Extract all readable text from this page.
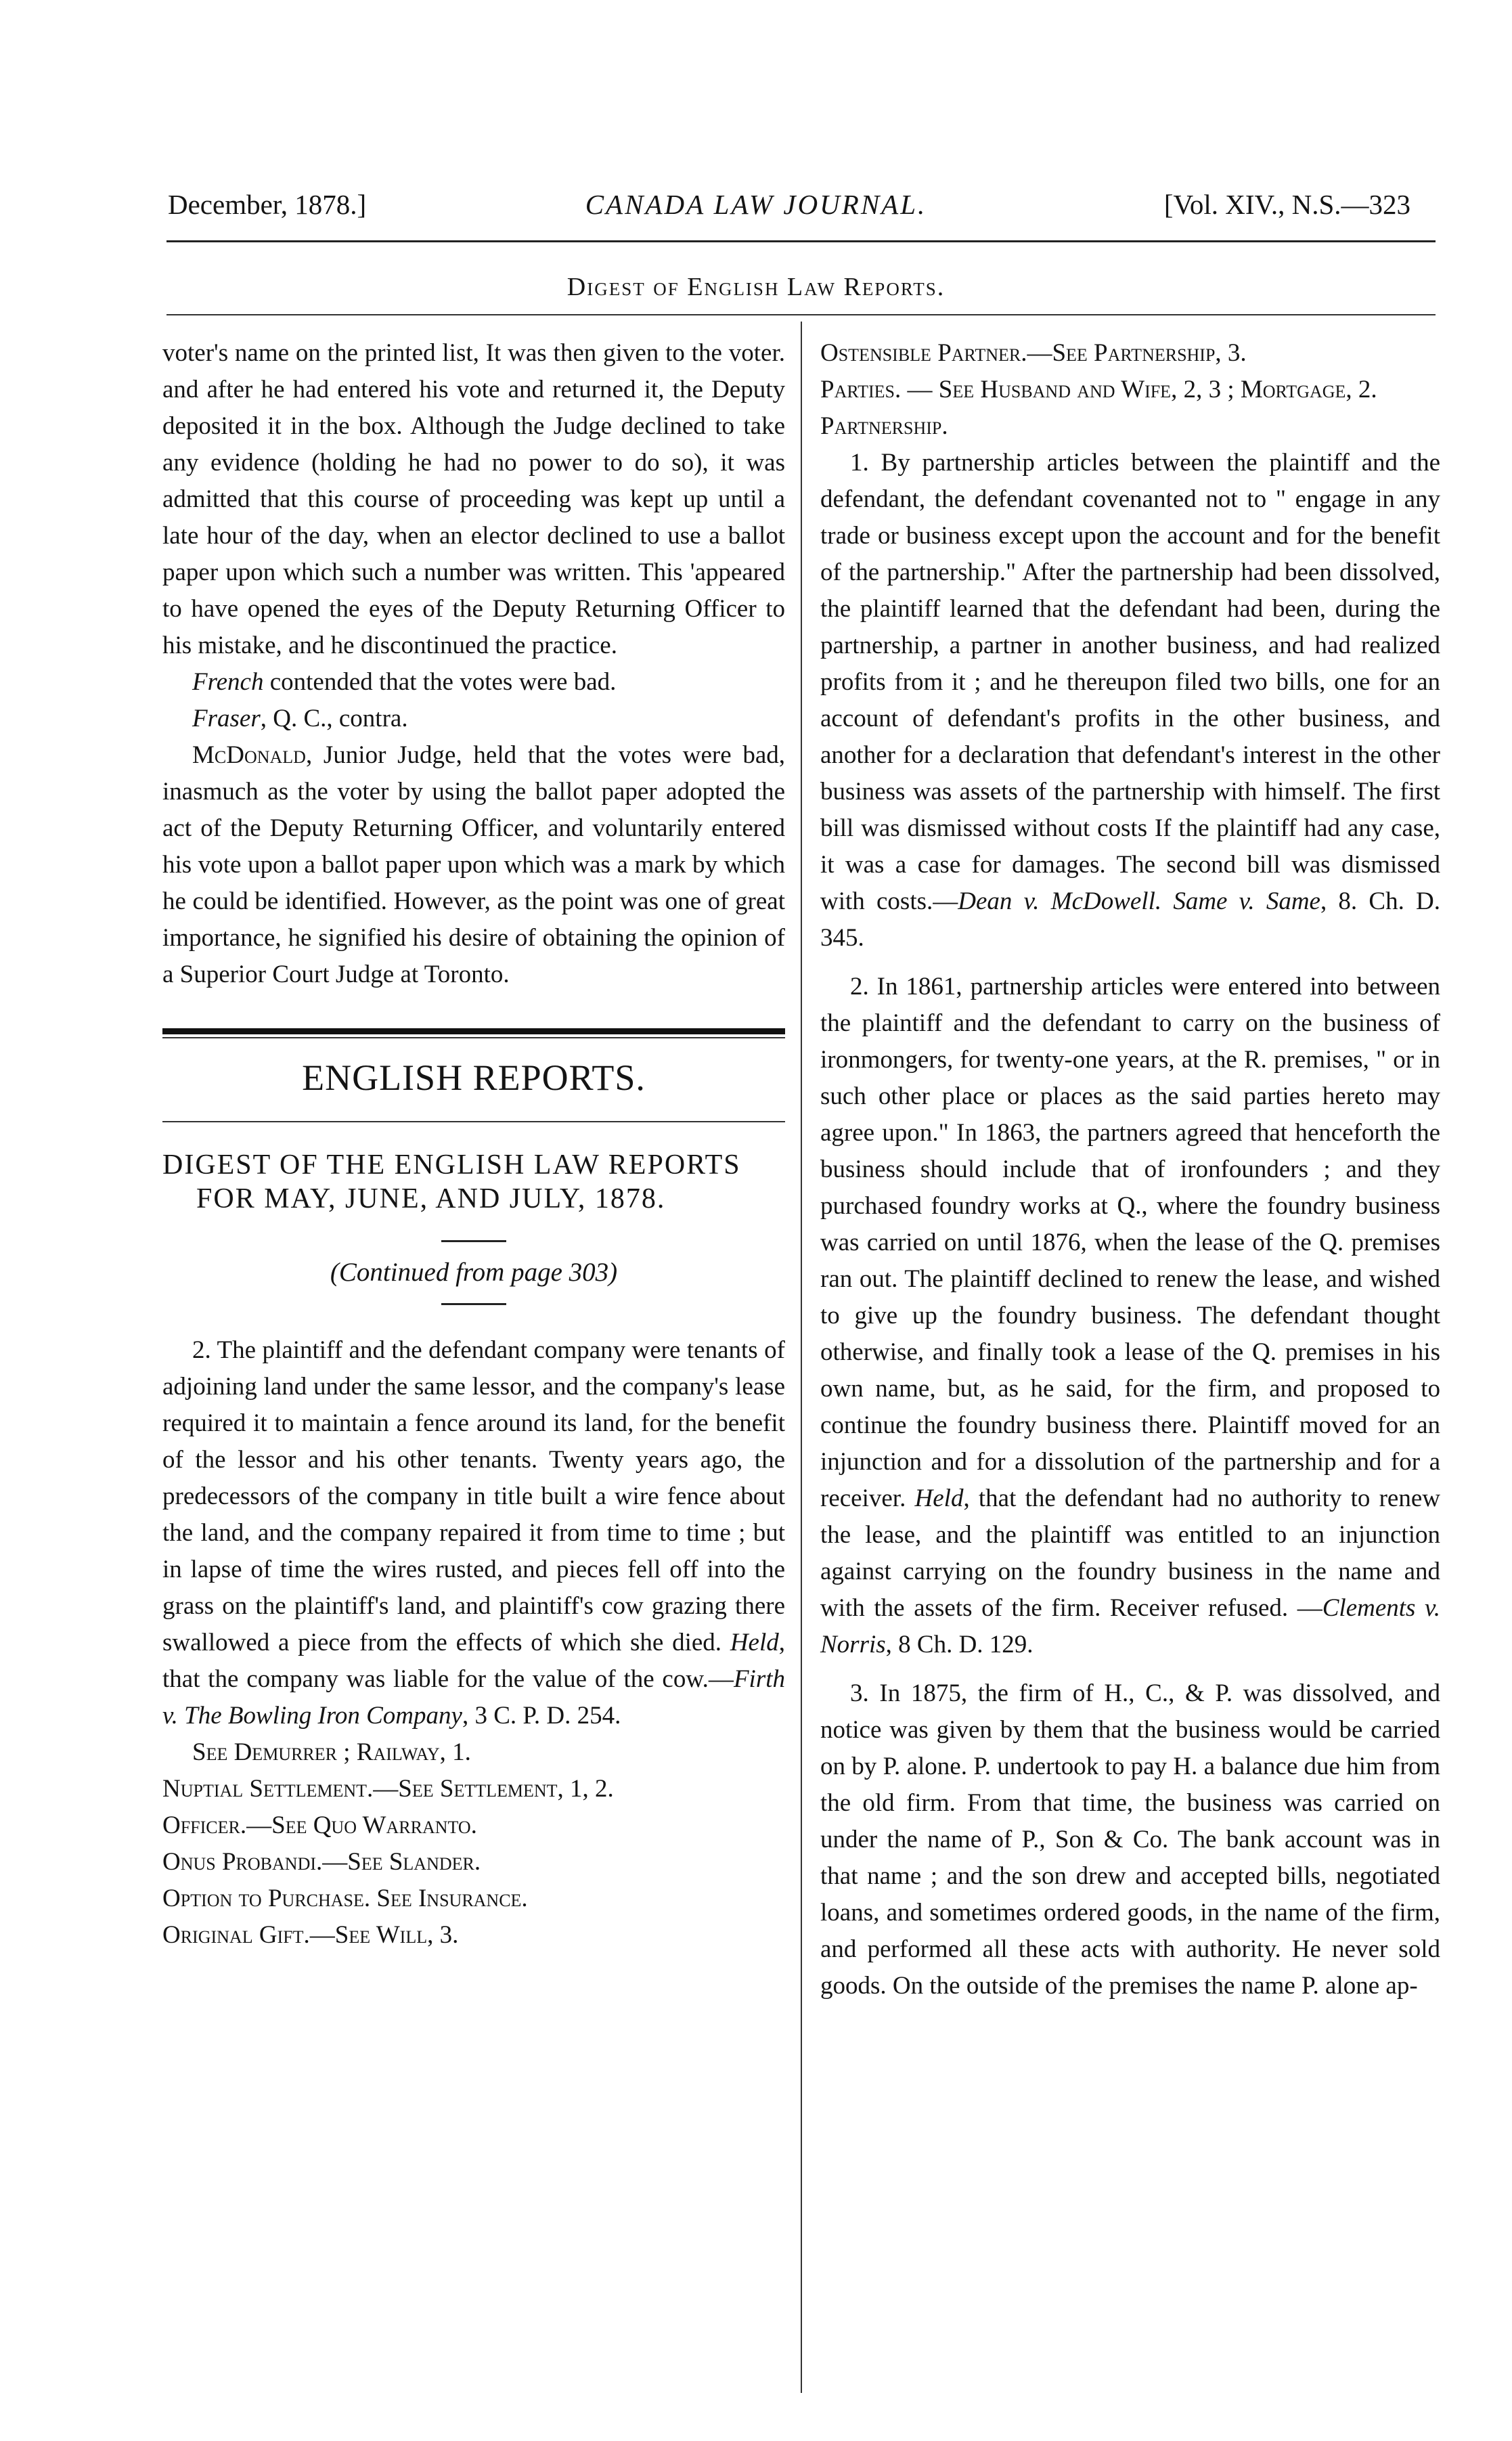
December, 1878.]	CANADA LAW JOURNAL.	[Vol. XIV., N.S.—323
Digest of English Law Reports.

voter's name on the printed list, It was then given to the voter. and after he had entered his vote and returned it, the Deputy deposited it in the box. Although the Judge declined to take any evidence (holding he had no power to do so), it was admitted that this course of proceeding was kept up until a late hour of the day, when an elector declined to use a ballot paper upon which such a number was written. This 'appeared to have opened the eyes of the Deputy Returning Officer to his mistake, and he discontinued the practice.

French contended that the votes were bad.

Fraser, Q. C., contra.

McDonald, Junior Judge, held that the votes were bad, inasmuch as the voter by using the ballot paper adopted the act of the Deputy Returning Officer, and voluntarily entered his vote upon a ballot paper upon which was a mark by which he could be identified. However, as the point was one of great importance, he signified his desire of obtaining the opinion of a Superior Court Judge at Toronto.

ENGLISH REPORTS.

DIGEST OF THE ENGLISH LAW REPORTS FOR MAY, JUNE, AND JULY, 1878.

(Continued from page 303)

2. The plaintiff and the defendant company were tenants of adjoining land under the same lessor, and the company's lease required it to maintain a fence around its land, for the benefit of the lessor and his other tenants. Twenty years ago, the predecessors of the company in title built a wire fence about the land, and the company repaired it from time to time ; but in lapse of time the wires rusted, and pieces fell off into the grass on the plaintiff's land, and plaintiff's cow grazing there swallowed a piece from the effects of which she died. Held, that the company was liable for the value of the cow.—Firth v. The Bowling Iron Company, 3 C. P. D. 254.

See Demurrer ; Railway, 1.

Nuptial Settlement.—See Settlement, 1, 2.

Officer.—See Quo Warranto.

Onus Probandi.—See Slander.

Option to Purchase. See Insurance.

Original Gift.—See Will, 3.

Ostensible Partner.—See Partnership, 3.

Parties. — See Husband and Wife, 2, 3 ; Mortgage, 2.

Partnership.

1. By partnership articles between the plaintiff and the defendant, the defendant covenanted not to " engage in any trade or business except upon the account and for the benefit of the partnership." After the partnership had been dissolved, the plaintiff learned that the defendant had been, during the partnership, a partner in another business, and had realized profits from it ; and he thereupon filed two bills, one for an account of defendant's profits in the other business, and another for a declaration that defendant's interest in the other business was assets of the partnership with himself. The first bill was dismissed without costs If the plaintiff had any case, it was a case for damages. The second bill was dismissed with costs.—Dean v. McDowell. Same v. Same, 8. Ch. D. 345.

2. In 1861, partnership articles were entered into between the plaintiff and the defendant to carry on the business of ironmongers, for twenty-one years, at the R. premises, " or in such other place or places as the said parties hereto may agree upon." In 1863, the partners agreed that henceforth the business should include that of ironfounders ; and they purchased foundry works at Q., where the foundry business was carried on until 1876, when the lease of the Q. premises ran out. The plaintiff declined to renew the lease, and wished to give up the foundry business. The defendant thought otherwise, and finally took a lease of the Q. premises in his own name, but, as he said, for the firm, and proposed to continue the foundry business there. Plaintiff moved for an injunction and for a dissolution of the partnership and for a receiver. Held, that the defendant had no authority to renew the lease, and the plaintiff was entitled to an injunction against carrying on the foundry business in the name and with the assets of the firm. Receiver refused. —Clements v. Norris, 8 Ch. D. 129.

3. In 1875, the firm of H., C., & P. was dissolved, and notice was given by them that the business would be carried on by P. alone. P. undertook to pay H. a balance due him from the old firm. From that time, the business was carried on under the name of P., Son & Co. The bank account was in that name ; and the son drew and accepted bills, negotiated loans, and sometimes ordered goods, in the name of the firm, and performed all these acts with authority. He never sold goods. On the outside of the premises the name P. alone ap-
